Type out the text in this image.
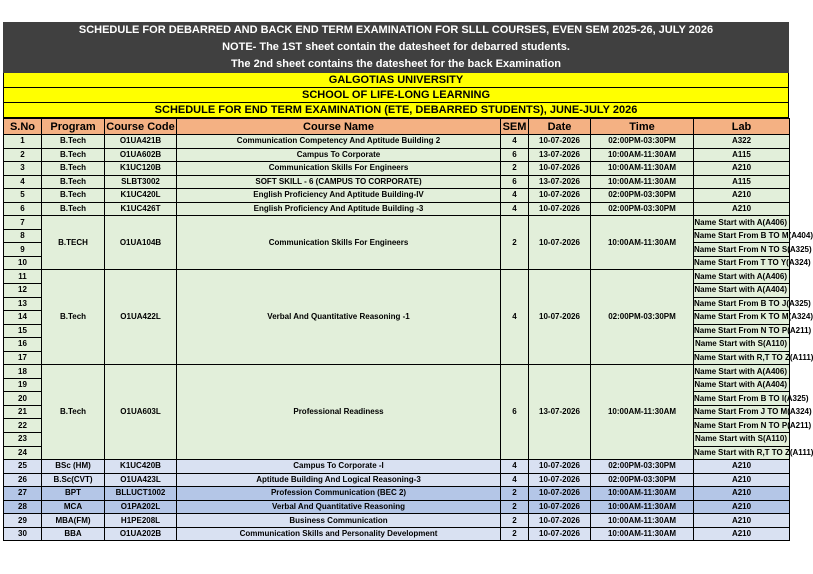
SCHEDULE FOR DEBARRED AND BACK END TERM EXAMINATION FOR SLLL COURSES, EVEN SEM 2025-26, JULY 2026
NOTE- The 1ST sheet contain the datesheet for debarred students.
The 2nd sheet contains the datesheet for the back Examination
GALGOTIAS UNIVERSITY
SCHOOL OF LIFE-LONG LEARNING
SCHEDULE FOR END TERM EXAMINATION (ETE, DEBARRED STUDENTS), JUNE-JULY 2026
S.No	Program	Course Code	Course Name	SEM	Date	Time	Lab
1	B.Tech	O1UA421B	Communication Competency And Aptitude Building 2	4	10-07-2026	02:00PM-03:30PM	A322
2	B.Tech	O1UA602B	Campus To Corporate	6	13-07-2026	10:00AM-11:30AM	A115
3	B.Tech	K1UC120B	Communication Skills For Engineers	2	10-07-2026	10:00AM-11:30AM	A210
4	B.Tech	SLBT3002	SOFT SKILL - 6 (CAMPUS TO CORPORATE)	6	13-07-2026	10:00AM-11:30AM	A115
5	B.Tech	K1UC420L	English Proficiency And Aptitude Building-IV	4	10-07-2026	02:00PM-03:30PM	A210
6	B.Tech	K1UC426T	English Proficiency And Aptitude Building -3	4	10-07-2026	02:00PM-03:30PM	A210
7	B.TECH	O1UA104B	Communication Skills For Engineers	2	10-07-2026	10:00AM-11:30AM	Name Start with A(A406)
8							Name Start From B TO M(A404)
9							Name Start From N TO S(A325)
10							Name Start From T TO Y(A324)
11	B.Tech	O1UA422L	Verbal And Quantitative Reasoning -1	4	10-07-2026	02:00PM-03:30PM	Name Start with A(A406)
12							Name Start with A(A404)
13							Name Start From B TO J(A325)
14							Name Start From K TO M(A324)
15							Name Start From N TO P(A211)
16							Name Start with S(A110)
17							Name Start with R,T TO Z(A111)
18	B.Tech	O1UA603L	Professional Readiness	6	13-07-2026	10:00AM-11:30AM	Name Start with A(A406)
19							Name Start with A(A404)
20							Name Start From B TO I(A325)
21							Name Start From J TO M(A324)
22							Name Start From N TO P(A211)
23							Name Start with S(A110)
24							Name Start with R,T TO Z(A111)
25	BSc (HM)	K1UC420B	Campus To Corporate -I	4	10-07-2026	02:00PM-03:30PM	A210
26	B.Sc(CVT)	O1UA423L	Aptitude Building And Logical Reasoning-3	4	10-07-2026	02:00PM-03:30PM	A210
27	BPT	BLLUCT1002	Profession Communication (BEC 2)	2	10-07-2026	10:00AM-11:30AM	A210
28	MCA	O1PA202L	Verbal And Quantitative Reasoning	2	10-07-2026	10:00AM-11:30AM	A210
29	MBA(FM)	H1PE208L	Business Communication	2	10-07-2026	10:00AM-11:30AM	A210
30	BBA	O1UA202B	Communication Skills and Personality Development	2	10-07-2026	10:00AM-11:30AM	A210
